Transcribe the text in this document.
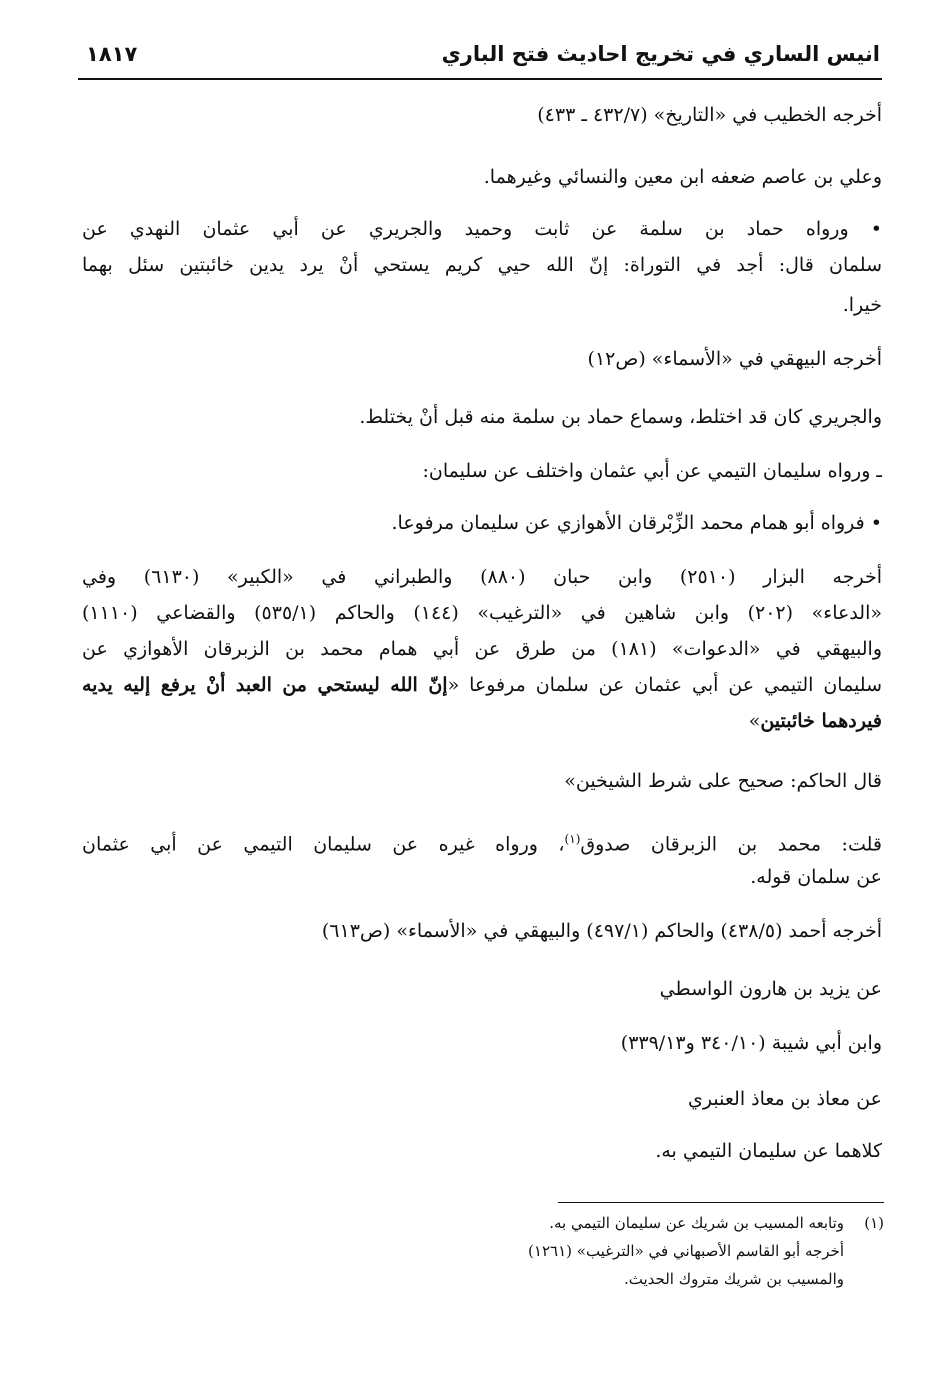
انيس الساري في تخريج احاديث فتح الباري
١٨١٧
أخرجه الخطيب في «التاريخ» (٤٣٢/٧ ـ ٤٣٣)
وعلي بن عاصم ضعفه ابن معين والنسائي وغيرهما.
• ورواه حماد بن سلمة عن ثابت وحميد والجريري عن أبي عثمان النهدي عن
سلمان قال: أجد في التوراة: إنّ الله حيي كريم يستحي أنْ يرد يدين خائبتين سئل بهما
خيرا.
أخرجه البيهقي في «الأسماء» (ص١٢)
والجريري كان قد اختلط، وسماع حماد بن سلمة منه قبل أنْ يختلط.
ـ ورواه سليمان التيمي عن أبي عثمان واختلف عن سليمان:
• فرواه أبو همام محمد الزِّبْرقان الأهوازي عن سليمان مرفوعا.
أخرجه البزار (٢٥١٠) وابن حبان (٨٨٠) والطبراني في «الكبير» (٦١٣٠) وفي
«الدعاء» (٢٠٢) وابن شاهين في «الترغيب» (١٤٤) والحاكم (٥٣٥/١) والقضاعي (١١١٠)
والبيهقي في «الدعوات» (١٨١) من طرق عن أبي همام محمد بن الزبرقان الأهوازي عن
سليمان التيمي عن أبي عثمان عن سلمان مرفوعا «إنّ الله ليستحي من العبد أنْ يرفع إليه يديه
فيردهما خائبتين»
قال الحاكم: صحيح على شرط الشيخين»
قلت: محمد بن الزبرقان صدوق$^{(١)}$، ورواه غيره عن سليمان التيمي عن أبي عثمان
عن سلمان قوله.
أخرجه أحمد (٤٣٨/٥) والحاكم (٤٩٧/١) والبيهقي في «الأسماء» (ص٦١٣)
عن يزيد بن هارون الواسطي
وابن أبي شيبة (٣٤٠/١٠ و٣٣٩/١٣)
عن معاذ بن معاذ العنبري
كلاهما عن سليمان التيمي به.
(١)
وتابعه المسيب بن شريك عن سليمان التيمي به.
أخرجه أبو القاسم الأصبهاني في «الترغيب» (١٢٦١)
والمسيب بن شريك متروك الحديث.
